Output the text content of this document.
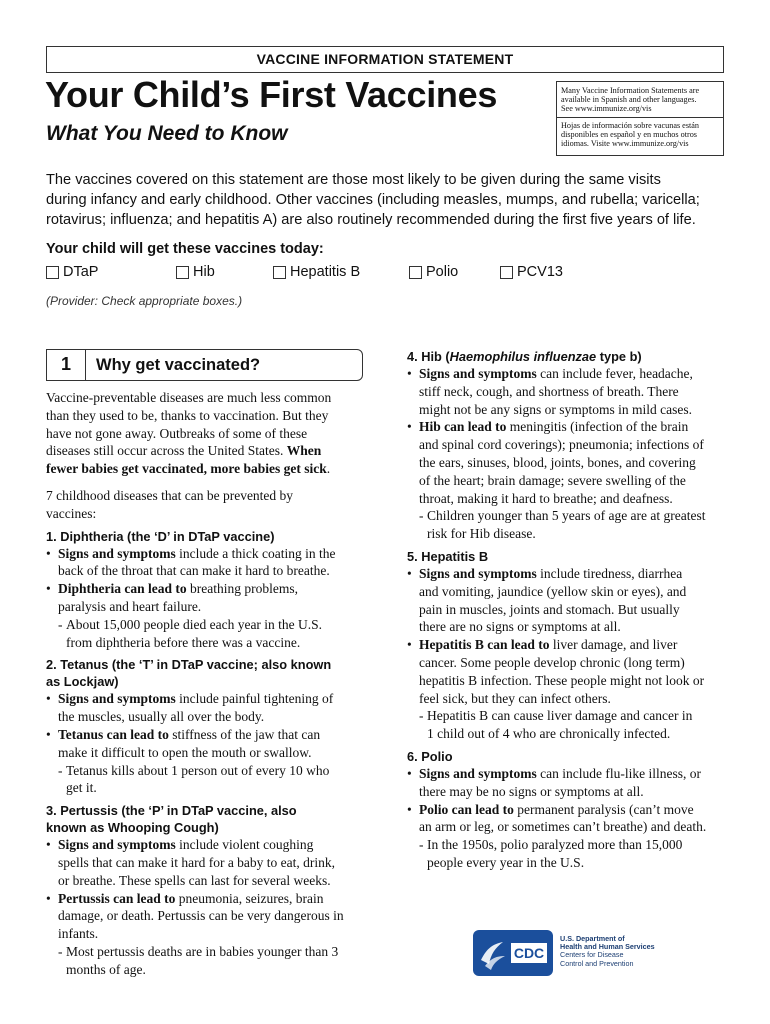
VACCINE INFORMATION STATEMENT
Your Child’s First Vaccines
What You Need to Know

Many Vaccine Information Statements are
available in Spanish and other languages.
See www.immunize.org/vis

Hojas de información sobre vacunas están
disponibles en español y en muchos otros
idiomas. Visite www.immunize.org/vis

The vaccines covered on this statement are those most likely to be given during the same visits
during infancy and early childhood. Other vaccines (including measles, mumps, and rubella; varicella;
rotavirus; influenza; and hepatitis A) are also routinely recommended during the first five years of life.
Your child will get these vaccines today:
DTaP	Hib	Hepatitis B	Polio	PCV13
(Provider: Check appropriate boxes.)
1	Why get vaccinated?

Vaccine-preventable diseases are much less common
than they used to be, thanks to vaccination. But they
have not gone away. Outbreaks of some of these
diseases still occur across the United States. When
fewer babies get vaccinated, more babies get sick.

7 childhood diseases that can be prevented by
vaccines:

1. Diphtheria (the ‘D’ in DTaP vaccine)
• Signs and symptoms include a thick coating in the
back of the throat that can make it hard to breathe.
• Diphtheria can lead to breathing problems,
paralysis and heart failure.
- About 15,000 people died each year in the U.S.
from diphtheria before there was a vaccine.
2. Tetanus (the ‘T’ in DTaP vaccine; also known
as Lockjaw)
• Signs and symptoms include painful tightening of
the muscles, usually all over the body.
• Tetanus can lead to stiffness of the jaw that can
make it difficult to open the mouth or swallow.
- Tetanus kills about 1 person out of every 10 who
get it.
3. Pertussis (the ‘P’ in DTaP vaccine, also
known as Whooping Cough)
• Signs and symptoms include violent coughing
spells that can make it hard for a baby to eat, drink,
or breathe. These spells can last for several weeks.
• Pertussis can lead to pneumonia, seizures, brain
damage, or death. Pertussis can be very dangerous in
infants.
- Most pertussis deaths are in babies younger than 3
months of age.
4. Hib (Haemophilus influenzae type b)
• Signs and symptoms can include fever, headache,
stiff neck, cough, and shortness of breath. There
might not be any signs or symptoms in mild cases.
• Hib can lead to meningitis (infection of the brain
and spinal cord coverings); pneumonia; infections of
the ears, sinuses, blood, joints, bones, and covering
of the heart; brain damage; severe swelling of the
throat, making it hard to breathe; and deafness.
- Children younger than 5 years of age are at greatest
risk for Hib disease.
5. Hepatitis B
• Signs and symptoms include tiredness, diarrhea
and vomiting, jaundice (yellow skin or eyes), and
pain in muscles, joints and stomach. But usually
there are no signs or symptoms at all.
• Hepatitis B can lead to liver damage, and liver
cancer. Some people develop chronic (long term)
hepatitis B infection. These people might not look or
feel sick, but they can infect others.
- Hepatitis B can cause liver damage and cancer in
1 child out of 4 who are chronically infected.
6. Polio
• Signs and symptoms can include flu-like illness, or
there may be no signs or symptoms at all.
• Polio can lead to permanent paralysis (can’t move
an arm or leg, or sometimes can’t breathe) and death.
- In the 1950s, polio paralyzed more than 15,000
people every year in the U.S.
CDC
U.S. Department of
Health and Human Services
Centers for Disease
Control and Prevention
